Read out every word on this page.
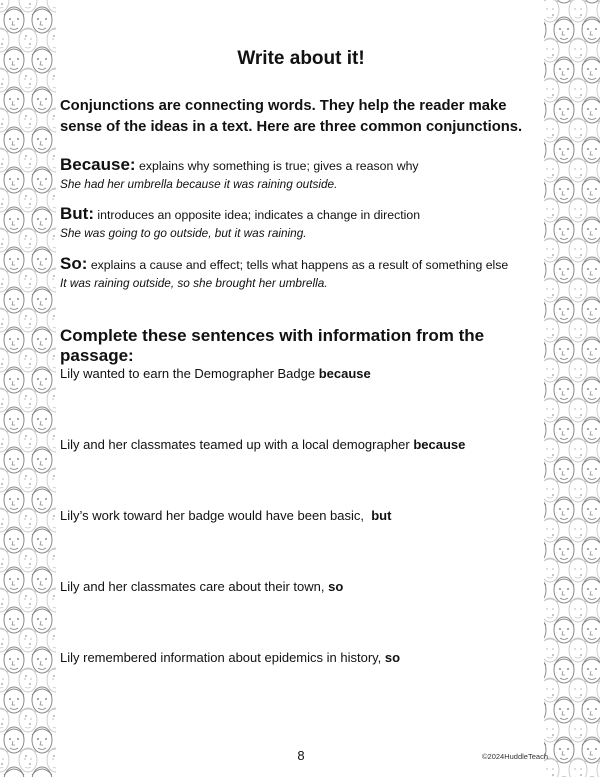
Write about it!
Conjunctions are connecting words. They help the reader make sense of the ideas in a text. Here are three common conjunctions.
Because: explains why something is true; gives a reason why
She had her umbrella because it was raining outside.
But: introduces an opposite idea; indicates a change in direction
She was going to go outside, but it was raining.
So: explains a cause and effect; tells what happens as a result of something else
It was raining outside, so she brought her umbrella.
Complete these sentences with information from the passage:
Lily wanted to earn the Demographer Badge because
Lily and her classmates teamed up with a local demographer because
Lily’s work toward her badge would have been basic,  but
Lily and her classmates care about their town, so
Lily remembered information about epidemics in history, so
8	©2024HuddleTeach
